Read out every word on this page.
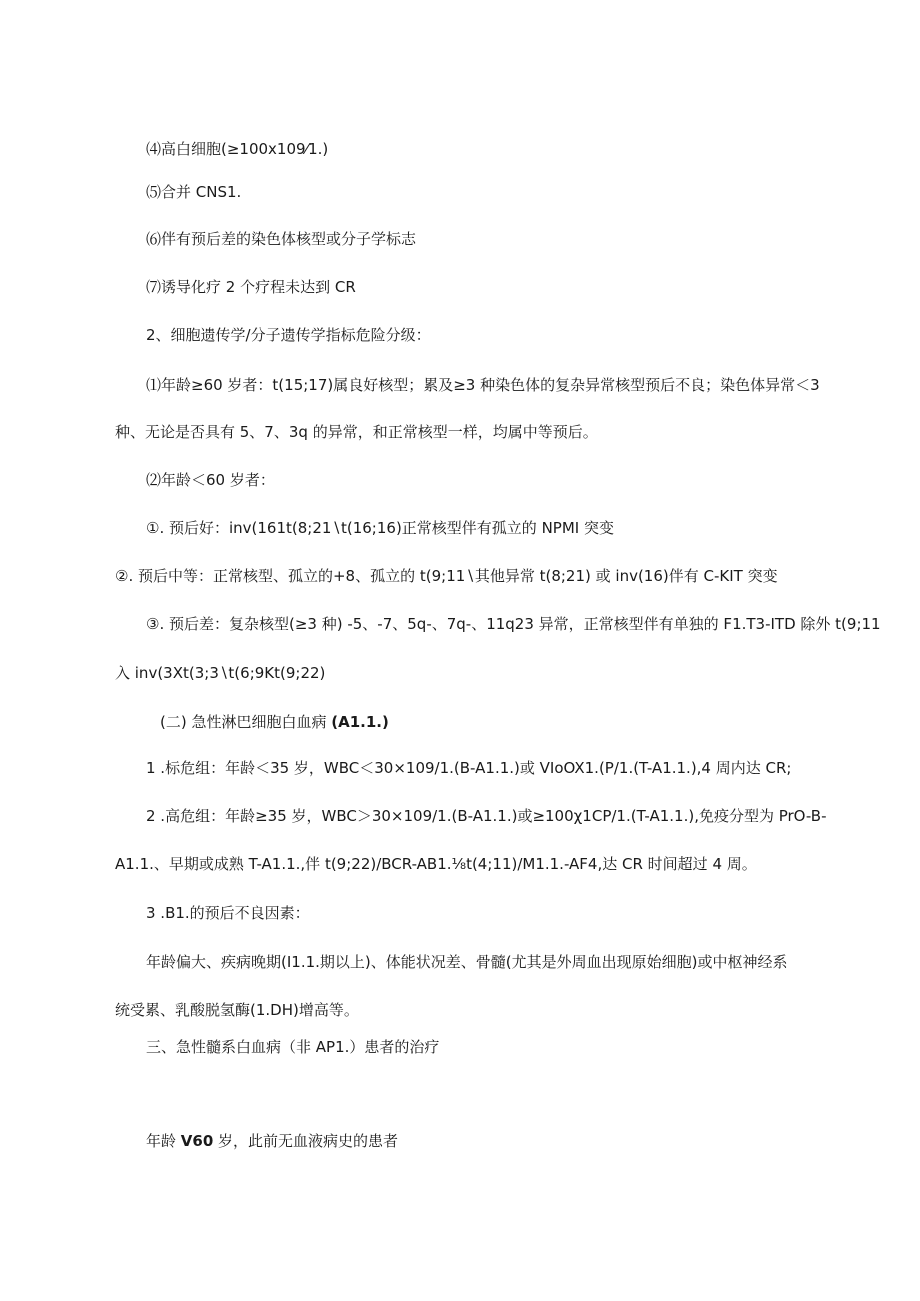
⑷高白细胞(≥100x109⁄1.)

⑸合并 CNS1.

⑹伴有预后差的染色体核型或分子学标志

⑺诱导化疗 2 个疗程未达到 CR

2、细胞遗传学/分子遗传学指标危险分级：

⑴年龄≥60 岁者：t(15;17)属良好核型；累及≥3 种染色体的复杂异常核型预后不良；染色体异常＜3

种、无论是否具有 5、7、3q 的异常，和正常核型一样，均属中等预后。

⑵年龄＜60 岁者：

①. 预后好：inv(161t(8;21∖t(16;16)正常核型伴有孤立的 NPMI 突变

②. 预后中等：正常核型、孤立的+8、孤立的 t(9;11∖其他异常 t(8;21) 或 inv(16)伴有 C-KIT 突变

③. 预后差：复杂核型(≥3 种) -5、-7、5q-、7q-、11q23 异常，正常核型伴有单独的 F1.T3-ITD 除外 t(9;11

入 inv(3Xt(3;3∖t(6;9Kt(9;22)

(二) 急性淋巴细胞白血病 (A1.1.)

1 .标危组：年龄＜35 岁，WBC＜30×109/1.(B-A1.1.)或 VIoOX1.(P/1.(T-A1.1.),4 周内达 CR;

2 .高危组：年龄≥35 岁，WBC＞30×109/1.(B-A1.1.)或≥100χ1CP/1.(T-A1.1.),免疫分型为 PrO-B-

A1.1.、早期或成熟 T-A1.1.,伴 t(9;22)/BCR-AB1.⅛t(4;11)/M1.1.-AF4,达 CR 时间超过 4 周。

3 .B1.的预后不良因素：

年龄偏大、疾病晚期(I1.1.期以上)、体能状况差、骨髓(尤其是外周血出现原始细胞)或中枢神经系

统受累、乳酸脱氢酶(1.DH)增高等。

三、急性髓系白血病（非 AP1.）患者的治疗

年龄 V60 岁，此前无血液病史的患者
